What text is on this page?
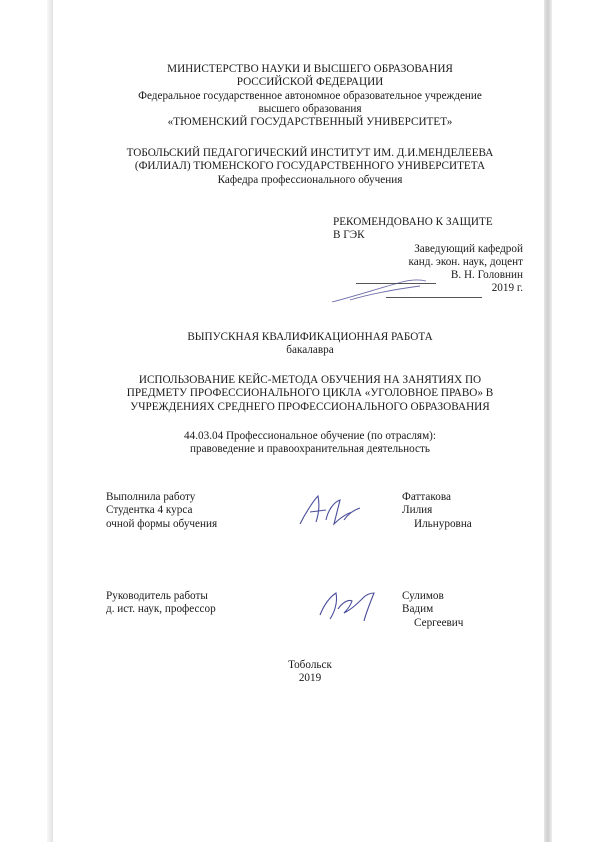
МИНИСТЕРСТВО НАУКИ И ВЫСШЕГО ОБРАЗОВАНИЯ
РОССИЙСКОЙ ФЕДЕРАЦИИ
Федеральное государственное автономное образовательное учреждение
высшего образования
«ТЮМЕНСКИЙ ГОСУДАРСТВЕННЫЙ УНИВЕРСИТЕТ»
ТОБОЛЬСКИЙ ПЕДАГОГИЧЕСКИЙ ИНСТИТУТ ИМ. Д.И.МЕНДЕЛЕЕВА
(ФИЛИАЛ) ТЮМЕНСКОГО ГОСУДАРСТВЕННОГО УНИВЕРСИТЕТА
Кафедра профессионального обучения
РЕКОМЕНДОВАНО К ЗАЩИТЕ
В ГЭК
Заведующий кафедрой
канд. экон. наук, доцент
В. Н. Головнин
2019 г.
ВЫПУСКНАЯ КВАЛИФИКАЦИОННАЯ РАБОТА
бакалавра
ИСПОЛЬЗОВАНИЕ КЕЙС-МЕТОДА ОБУЧЕНИЯ НА ЗАНЯТИЯХ ПО
ПРЕДМЕТУ ПРОФЕССИОНАЛЬНОГО ЦИКЛА «УГОЛОВНОЕ ПРАВО» В
УЧРЕЖДЕНИЯХ СРЕДНЕГО ПРОФЕССИОНАЛЬНОГО ОБРАЗОВАНИЯ
44.03.04 Профессиональное обучение (по отраслям):
правоведение и правоохранительная деятельность
Выполнила работу
Студентка 4 курса
очной формы обучения
Фаттакова
Лилия
Ильнуровна
Руководитель работы
д. ист. наук, профессор
Сулимов
Вадим
Сергеевич
Тобольск
2019
